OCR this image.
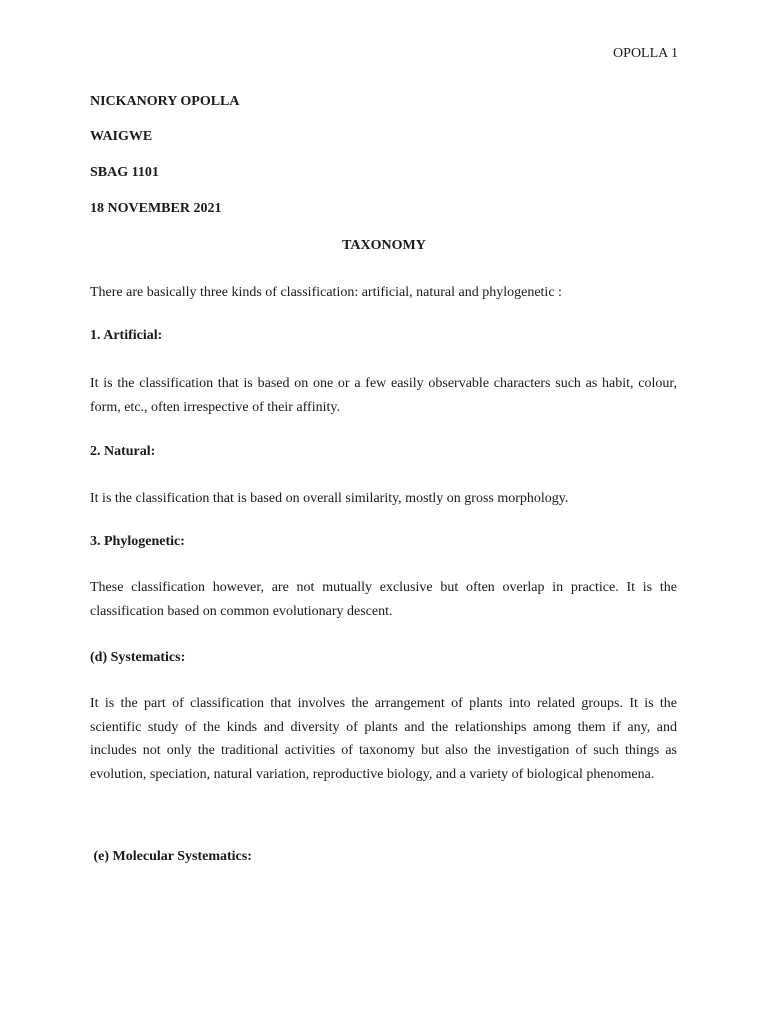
OPOLLA 1
NICKANORY OPOLLA
WAIGWE
SBAG 1101
18 NOVEMBER 2021
TAXONOMY

There are basically three kinds of classification: artificial, natural and phylogenetic :

1. Artificial:

It is the classification that is based on one or a few easily observable characters such as habit, colour, form, etc., often irrespective of their affinity.

2. Natural:

It is the classification that is based on overall similarity, mostly on gross morphology.

3. Phylogenetic:

These classification however, are not mutually exclusive but often overlap in practice. It is the classification based on common evolutionary descent.

(d) Systematics:

It is the part of classification that involves the arrangement of plants into related groups. It is the scientific study of the kinds and diversity of plants and the relationships among them if any, and includes not only the traditional activities of taxonomy but also the investigation of such things as evolution, speciation, natural variation, reproductive biology, and a variety of biological phenomena.

(e) Molecular Systematics:
